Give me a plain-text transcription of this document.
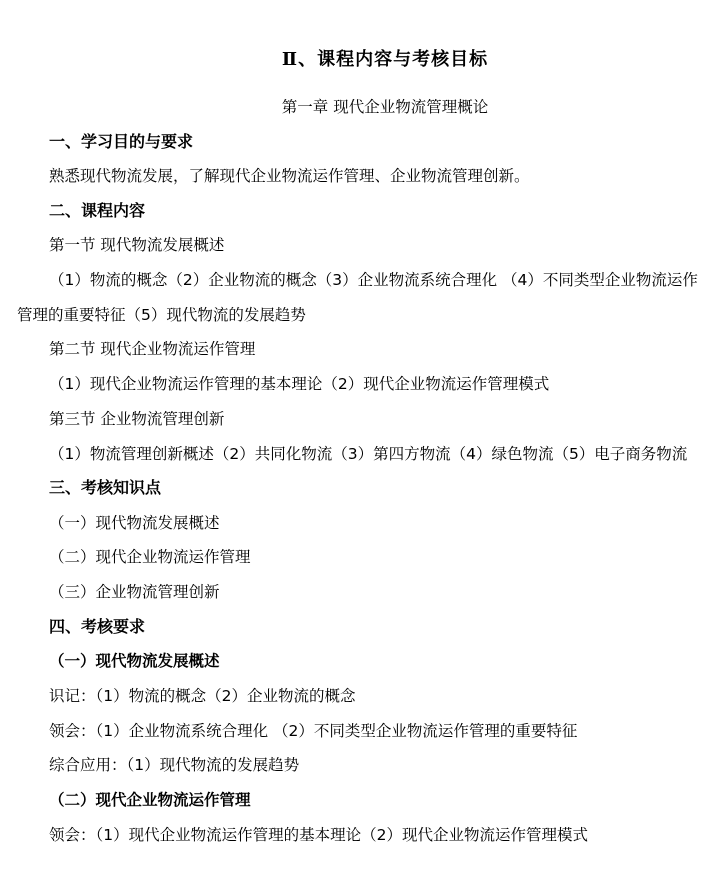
Ⅱ、课程内容与考核目标
第一章 现代企业物流管理概论
一、学习目的与要求
熟悉现代物流发展，了解现代企业物流运作管理、企业物流管理创新。
二、课程内容
第一节 现代物流发展概述
（1）物流的概念（2）企业物流的概念（3）企业物流系统合理化 （4）不同类型企业物流运作
管理的重要特征（5）现代物流的发展趋势
第二节 现代企业物流运作管理
（1）现代企业物流运作管理的基本理论（2）现代企业物流运作管理模式
第三节 企业物流管理创新
（1）物流管理创新概述（2）共同化物流（3）第四方物流（4）绿色物流（5）电子商务物流
三、考核知识点
（一）现代物流发展概述
（二）现代企业物流运作管理
（三）企业物流管理创新
四、考核要求
（一）现代物流发展概述
识记：（1）物流的概念（2）企业物流的概念
领会：（1）企业物流系统合理化 （2）不同类型企业物流运作管理的重要特征
综合应用：（1）现代物流的发展趋势
（二）现代企业物流运作管理
领会：（1）现代企业物流运作管理的基本理论（2）现代企业物流运作管理模式
